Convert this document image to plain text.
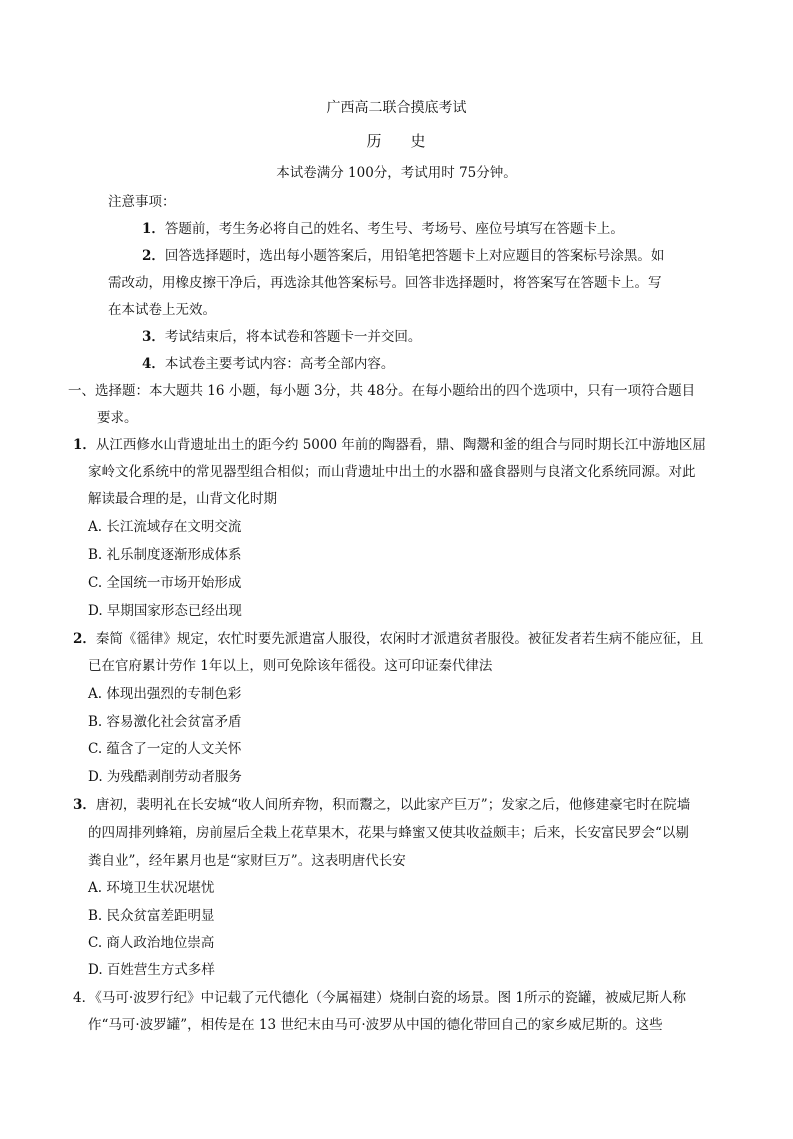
广西高二联合摸底考试
历 史
本试卷满分 100分，考试用时 75分钟。
注意事项：
1．答题前，考生务必将自己的姓名、考生号、考场号、座位号填写在答题卡上。
2．回答选择题时，选出每小题答案后，用铅笔把答题卡上对应题目的答案标号涂黑。如
需改动，用橡皮擦干净后，再选涂其他答案标号。回答非选择题时，将答案写在答题卡上。写
在本试卷上无效。
3．考试结束后，将本试卷和答题卡一并交回。
4．本试卷主要考试内容：高考全部内容。
一、选择题：本大题共 16 小题，每小题 3分，共 48分。在每小题给出的四个选项中，只有一项符合题目
要求。
1．从江西修水山背遗址出土的距今约 5000 年前的陶器看，鼎、陶鬶和釜的组合与同时期长江中游地区屈
家岭文化系统中的常见器型组合相似；而山背遗址中出土的水器和盛食器则与良渚文化系统同源。对此
解读最合理的是，山背文化时期
A. 长江流域存在文明交流
B. 礼乐制度逐渐形成体系
C. 全国统一市场开始形成
D. 早期国家形态已经出现
2．秦简《徭律》规定，农忙时要先派遣富人服役，农闲时才派遣贫者服役。被征发者若生病不能应征，且
已在官府累计劳作 1年以上，则可免除该年徭役。这可印证秦代律法
A. 体现出强烈的专制色彩
B. 容易激化社会贫富矛盾
C. 蕴含了一定的人文关怀
D. 为残酷剥削劳动者服务
3．唐初，裴明礼在长安城“收人间所弃物，积而鬻之，以此家产巨万”；发家之后，他修建豪宅时在院墙
的四周排列蜂箱，房前屋后全栽上花草果木，花果与蜂蜜又使其收益颇丰；后来，长安富民罗会“以剔
粪自业”，经年累月也是“家财巨万”。这表明唐代长安
A. 环境卫生状况堪忧
B. 民众贫富差距明显
C. 商人政治地位崇高
D. 百姓营生方式多样
4．《马可·波罗行纪》中记载了元代德化（今属福建）烧制白瓷的场景。图 1所示的瓷罐，被威尼斯人称
作“马可·波罗罐”，相传是在 13 世纪末由马可·波罗从中国的德化带回自己的家乡威尼斯的。这些
